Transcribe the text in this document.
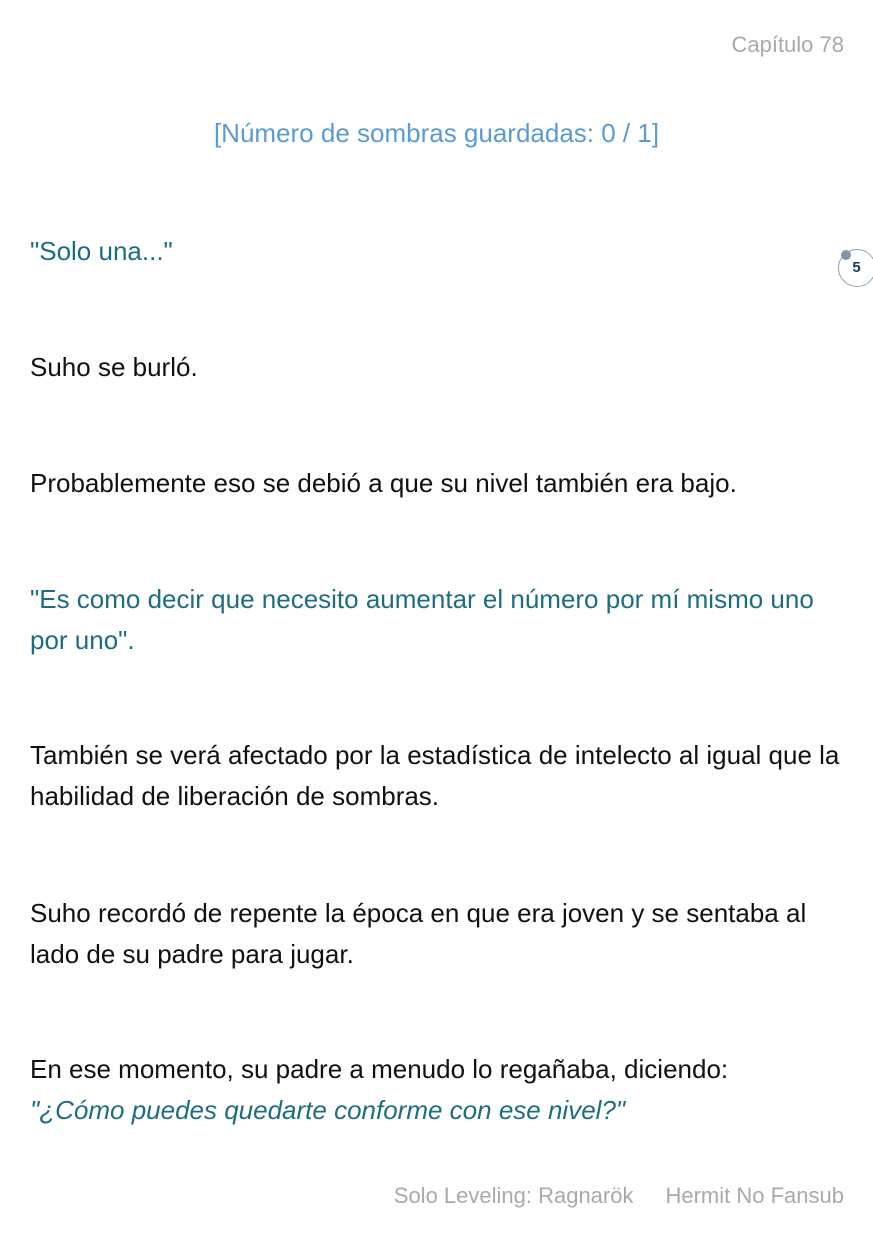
Capítulo 78
[Número de sombras guardadas: 0 / 1]
5

"Solo una..."

Suho se burló.

Probablemente eso se debió a que su nivel también era bajo.

"Es como decir que necesito aumentar el número por mí mismo uno por uno".

También se verá afectado por la estadística de intelecto al igual que la habilidad de liberación de sombras.

Suho recordó de repente la época en que era joven y se sentaba al lado de su padre para jugar.

En ese momento, su padre a menudo lo regañaba, diciendo:

"¿Cómo puedes quedarte conforme con ese nivel?"

Solo Leveling: Ragnarök Hermit No Fansub
